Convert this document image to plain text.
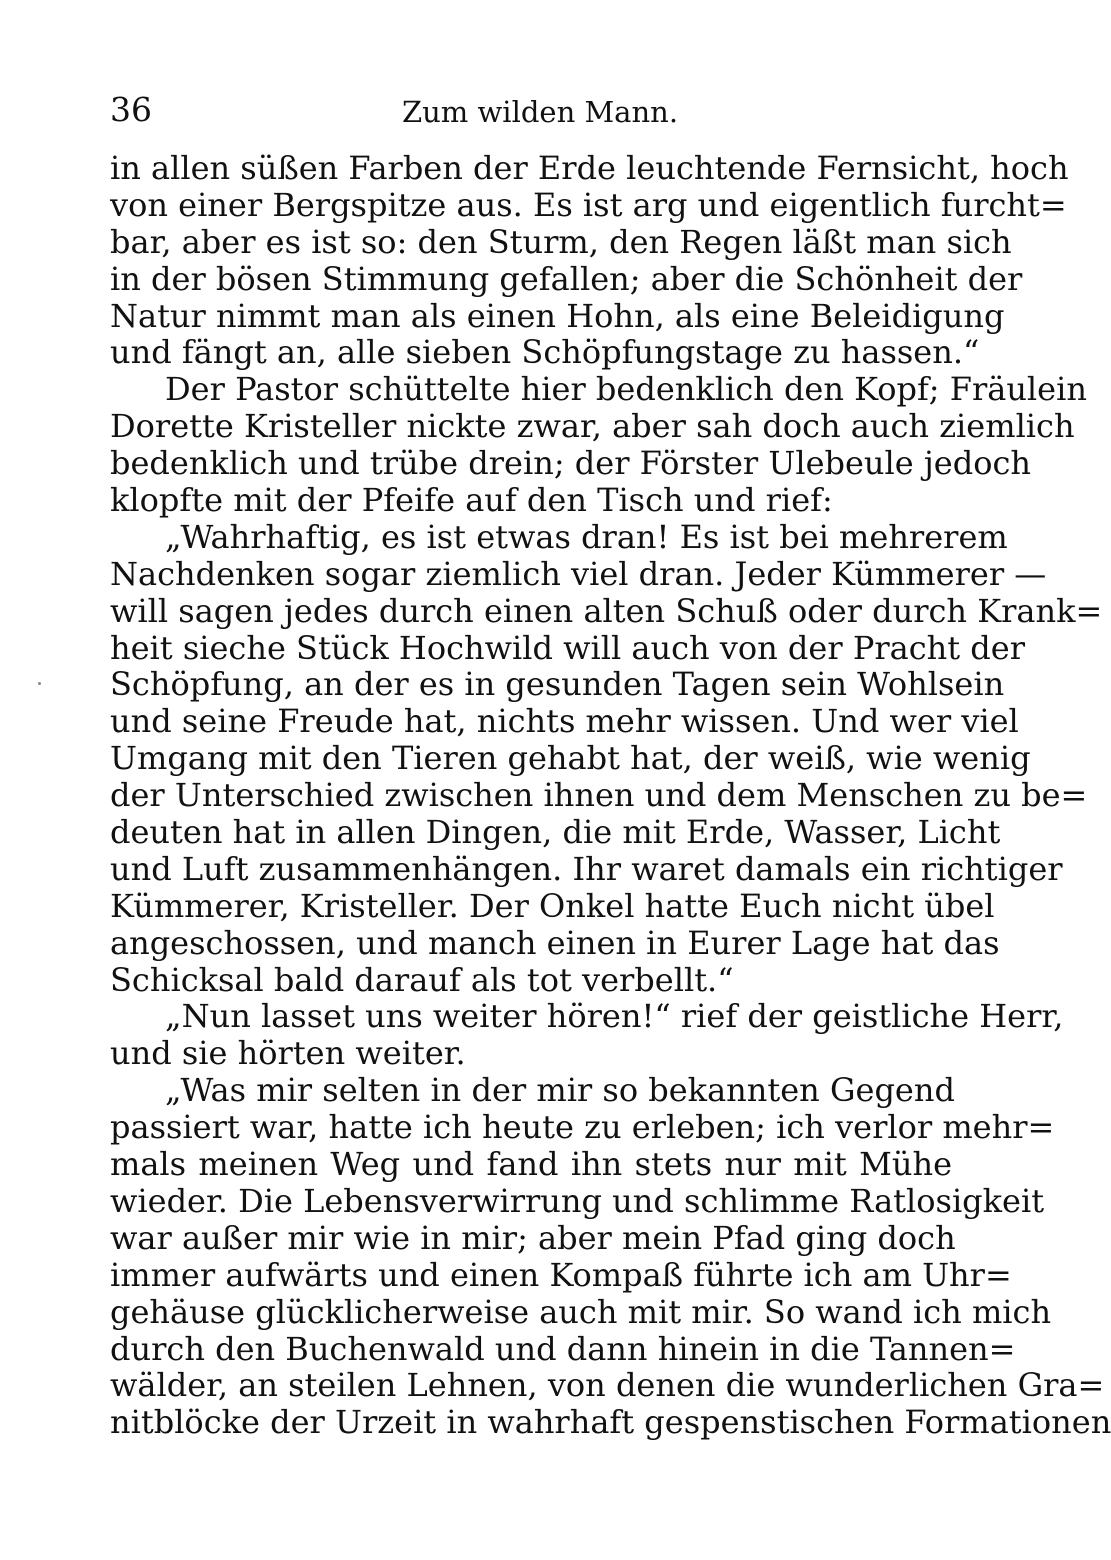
36	Zum wilden Mann.
in allen süßen Farben der Erde leuchtende Fernsicht, hoch
von einer Bergspitze aus. Es ist arg und eigentlich furcht=
bar, aber es ist so: den Sturm, den Regen läßt man sich
in der bösen Stimmung gefallen; aber die Schönheit der
Natur nimmt man als einen Hohn, als eine Beleidigung
und fängt an, alle sieben Schöpfungstage zu hassen.“
Der Pastor schüttelte hier bedenklich den Kopf; Fräulein
Dorette Kristeller nickte zwar, aber sah doch auch ziemlich
bedenklich und trübe drein; der Förster Ulebeule jedoch
klopfte mit der Pfeife auf den Tisch und rief:
„Wahrhaftig, es ist etwas dran! Es ist bei mehrerem
Nachdenken sogar ziemlich viel dran. Jeder Kümmerer —
will sagen jedes durch einen alten Schuß oder durch Krank=
heit sieche Stück Hochwild will auch von der Pracht der
Schöpfung, an der es in gesunden Tagen sein Wohlsein
und seine Freude hat, nichts mehr wissen. Und wer viel
Umgang mit den Tieren gehabt hat, der weiß, wie wenig
der Unterschied zwischen ihnen und dem Menschen zu be=
deuten hat in allen Dingen, die mit Erde, Wasser, Licht
und Luft zusammenhängen. Ihr waret damals ein richtiger
Kümmerer, Kristeller. Der Onkel hatte Euch nicht übel
angeschossen, und manch einen in Eurer Lage hat das
Schicksal bald darauf als tot verbellt.“
„Nun lasset uns weiter hören!“ rief der geistliche Herr,
und sie hörten weiter.
„Was mir selten in der mir so bekannten Gegend
passiert war, hatte ich heute zu erleben; ich verlor mehr=
mals meinen Weg und fand ihn stets nur mit Mühe
wieder. Die Lebensverwirrung und schlimme Ratlosigkeit
war außer mir wie in mir; aber mein Pfad ging doch
immer aufwärts und einen Kompaß führte ich am Uhr=
gehäuse glücklicherweise auch mit mir. So wand ich mich
durch den Buchenwald und dann hinein in die Tannen=
wälder, an steilen Lehnen, von denen die wunderlichen Gra=
nitblöcke der Urzeit in wahrhaft gespenstischen Formationen
